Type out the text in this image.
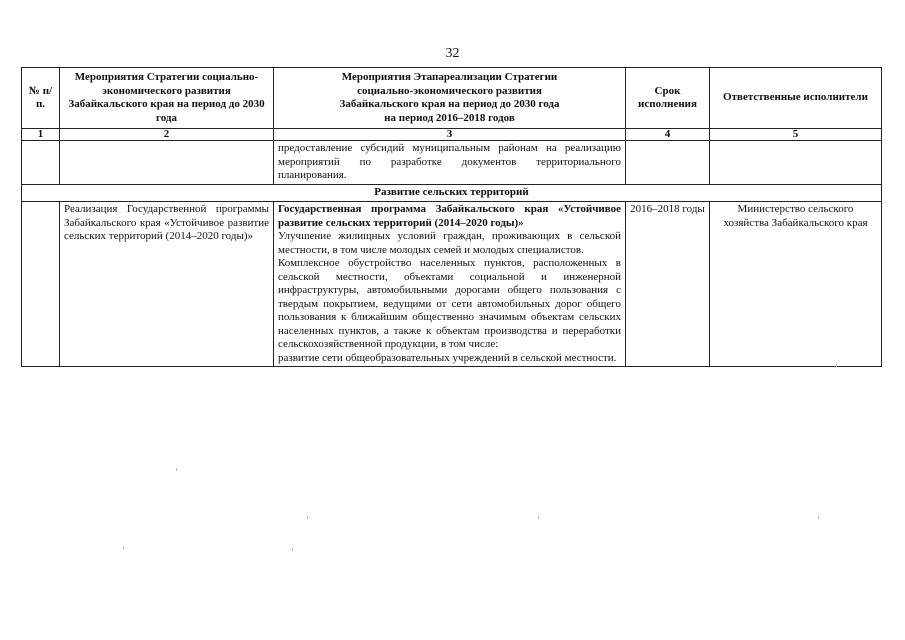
32
№ п/п.	Мероприятия Стратегии социально-экономического развития Забайкальского края на период до 2030 года	Мероприятия Этапареализации Стратегии
социально-экономического развития
Забайкальского края на период до 2030 года
на период 2016–2018 годов	Срок исполнения	Ответственные исполнители
1	2	3	4	5
		предоставление субсидий муниципальным районам на реализацию мероприятий по разработке документов территориального планирования.		
Развитие сельских территорий				
	Реализация Государственной программы Забайкальского края «Устойчивое развитие сельских территорий (2014–2020 годы)»	Государственная программа Забайкальского края «Устойчивое развитие сельских территорий (2014–2020 годы)»
Улучшение жилищных условий граждан, проживающих в сельской местности, в том числе молодых семей и молодых специалистов.
Комплексное обустройство населенных пунктов, расположенных в сельской местности, объектами социальной и инженерной инфраструктуры, автомобильными дорогами общего пользования с твердым покрытием, ведущими от сети автомобильных дорог общего пользования к ближайшим общественно значимым объектам сельских населенных пунктов, а также к объектам производства и переработки сельскохозяйственной продукции, в том числе:
развитие сети общеобразовательных учреждений в сельской местности.	2016–2018 годы	Министерство сельского хозяйства Забайкальского края
